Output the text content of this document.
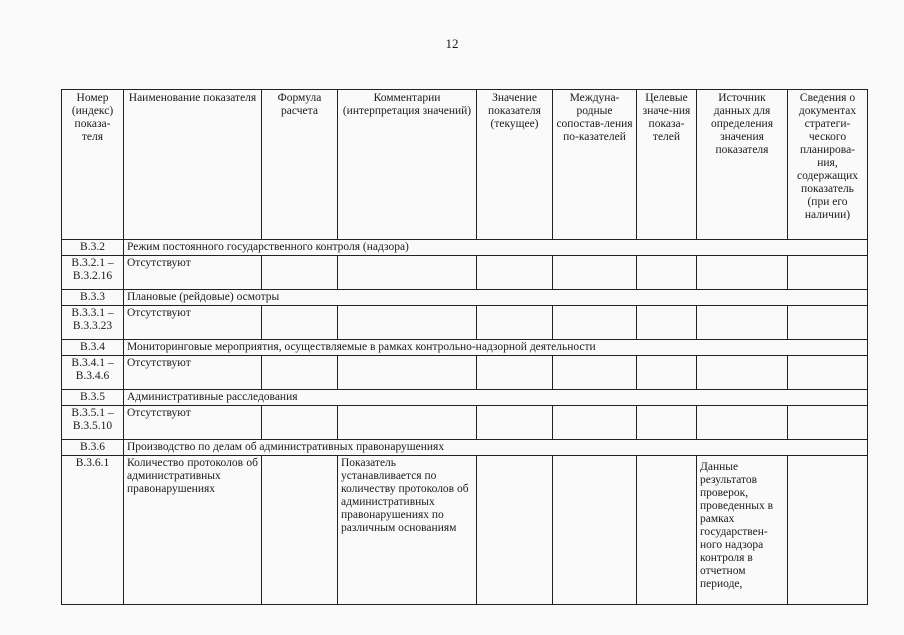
12
Номер (индекс) показа-теля	Наименование показателя	Формула расчета	Комментарии (интерпретация значений)	Значение показателя (текущее)	Междуна-родные сопостав-ления по-казателей	Целевые значе-ния показа-телей	Источник данных для определения значения показателя	Сведения о документах стратеги-ческого планирова-ния, содержащих показатель (при его наличии)
В.3.2	Режим постоянного государственного контроля (надзора)							
В.3.2.1 – В.3.2.16	Отсутствуют							
В.3.3	Плановые (рейдовые) осмотры							
В.3.3.1 – В.3.3.23	Отсутствуют							
В.3.4	Мониторинговые мероприятия, осуществляемые в рамках контрольно-надзорной деятельности							
В.3.4.1 – В.3.4.6	Отсутствуют							
В.3.5	Административные расследования							
В.3.5.1 – В.3.5.10	Отсутствуют							
В.3.6	Производство по делам об административных правонарушениях							
В.3.6.1	Количество протоколов об административных правонарушениях		Показатель устанавливается по количеству протоколов об административных правонарушениях по различным основаниям				Данные результатов проверок, проведенных в рамках государствен-ного надзора контроля в отчетном периоде,	
